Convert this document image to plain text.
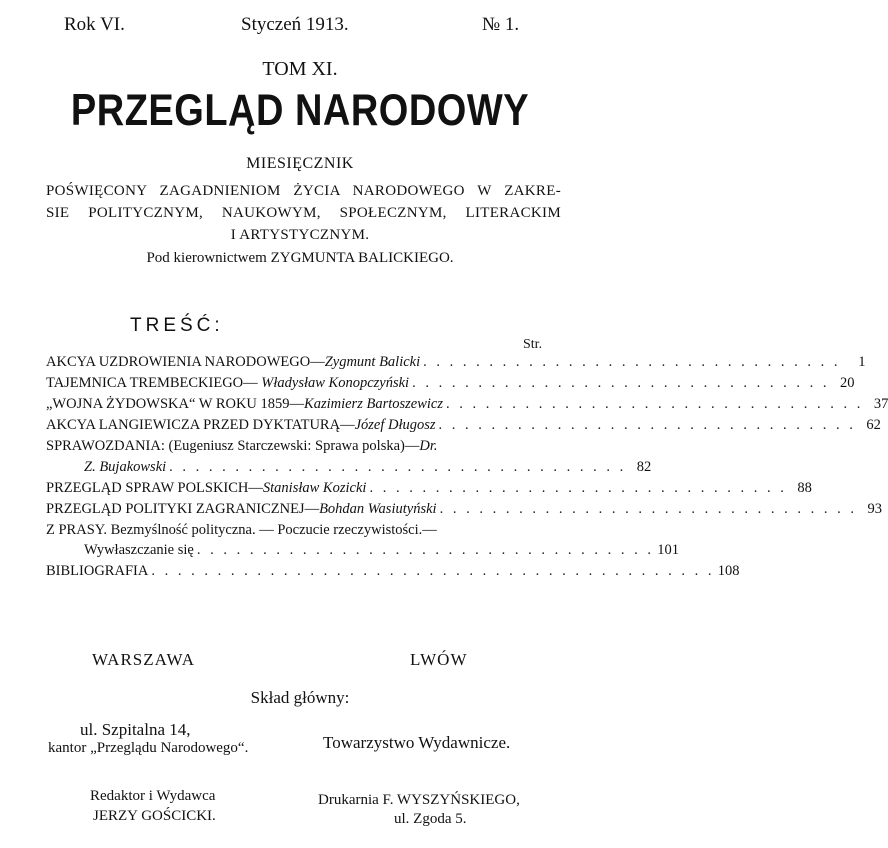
Rok VI.	Styczeń 1913.	№ 1.
TOM XI.
PRZEGLĄD NARODOWY
MIESIĘCZNIK
POŚWIĘCONY ZAGADNIENIOM ŻYCIA NARODOWEGO W ZAKRE-
SIE POLITYCZNYM, NAUKOWYM, SPOŁECZNYM, LITERACKIM
I ARTYSTYCZNYM.
Pod kierownictwem ZYGMUNTA BALICKIEGO.
TREŚĆ:
Str.
AKCYA UZDROWIENIA NARODOWEGO—Zygmunt Balicki . . . . . . . . . . . . . . . . . . . . . . . . . . . . . . . .	1
TAJEMNICA TREMBECKIEGO— Władysław Konopczyński . . . . . . . . . . . . . . . . . . . . . . . . . . . . . . . . 20
„WOJNA ŻYDOWSKA“ W ROKU 1859—Kazimierz Bartoszewicz . . . . . . . . . . . . . . . . . . . . . . . . . . . . . . . . 37
AKCYA LANGIEWICZA PRZED DYKTATURĄ—Józef Długosz . . . . . . . . . . . . . . . . . . . . . . . . . . . . . . . . 62
SPRAWOZDANIA: (Eugeniusz Starczewski: Sprawa polska)—Dr.
Z. Bujakowski . . . . . . . . . . . . . . . . . . . . . . . . . . . . . . . . . . . 82
PRZEGLĄD SPRAW POLSKICH—Stanisław Kozicki . . . . . . . . . . . . . . . . . . . . . . . . . . . . . . . . 88
PRZEGLĄD POLITYKI ZAGRANICZNEJ—Bohdan Wasiutyński . . . . . . . . . . . . . . . . . . . . . . . . . . . . . . . . 93
Z PRASY. Bezmyślność polityczna. — Poczucie rzeczywistości.—
Wywłaszczanie się . . . . . . . . . . . . . . . . . . . . . . . . . . . . . . . . . . . 101
BIBLIOGRAFIA . . . . . . . . . . . . . . . . . . . . . . . . . . . . . . . . . . . . . . . . . . . 108
WARSZAWA	LWÓW
Skład główny:
ul. Szpitalna 14,
kantor „Przeglądu Narodowego“.	Towarzystwo Wydawnicze.
Redaktor i Wydawca
JERZY GOŚCICKI.
Drukarnia F. WYSZYŃSKIEGO,
ul. Zgoda 5.
